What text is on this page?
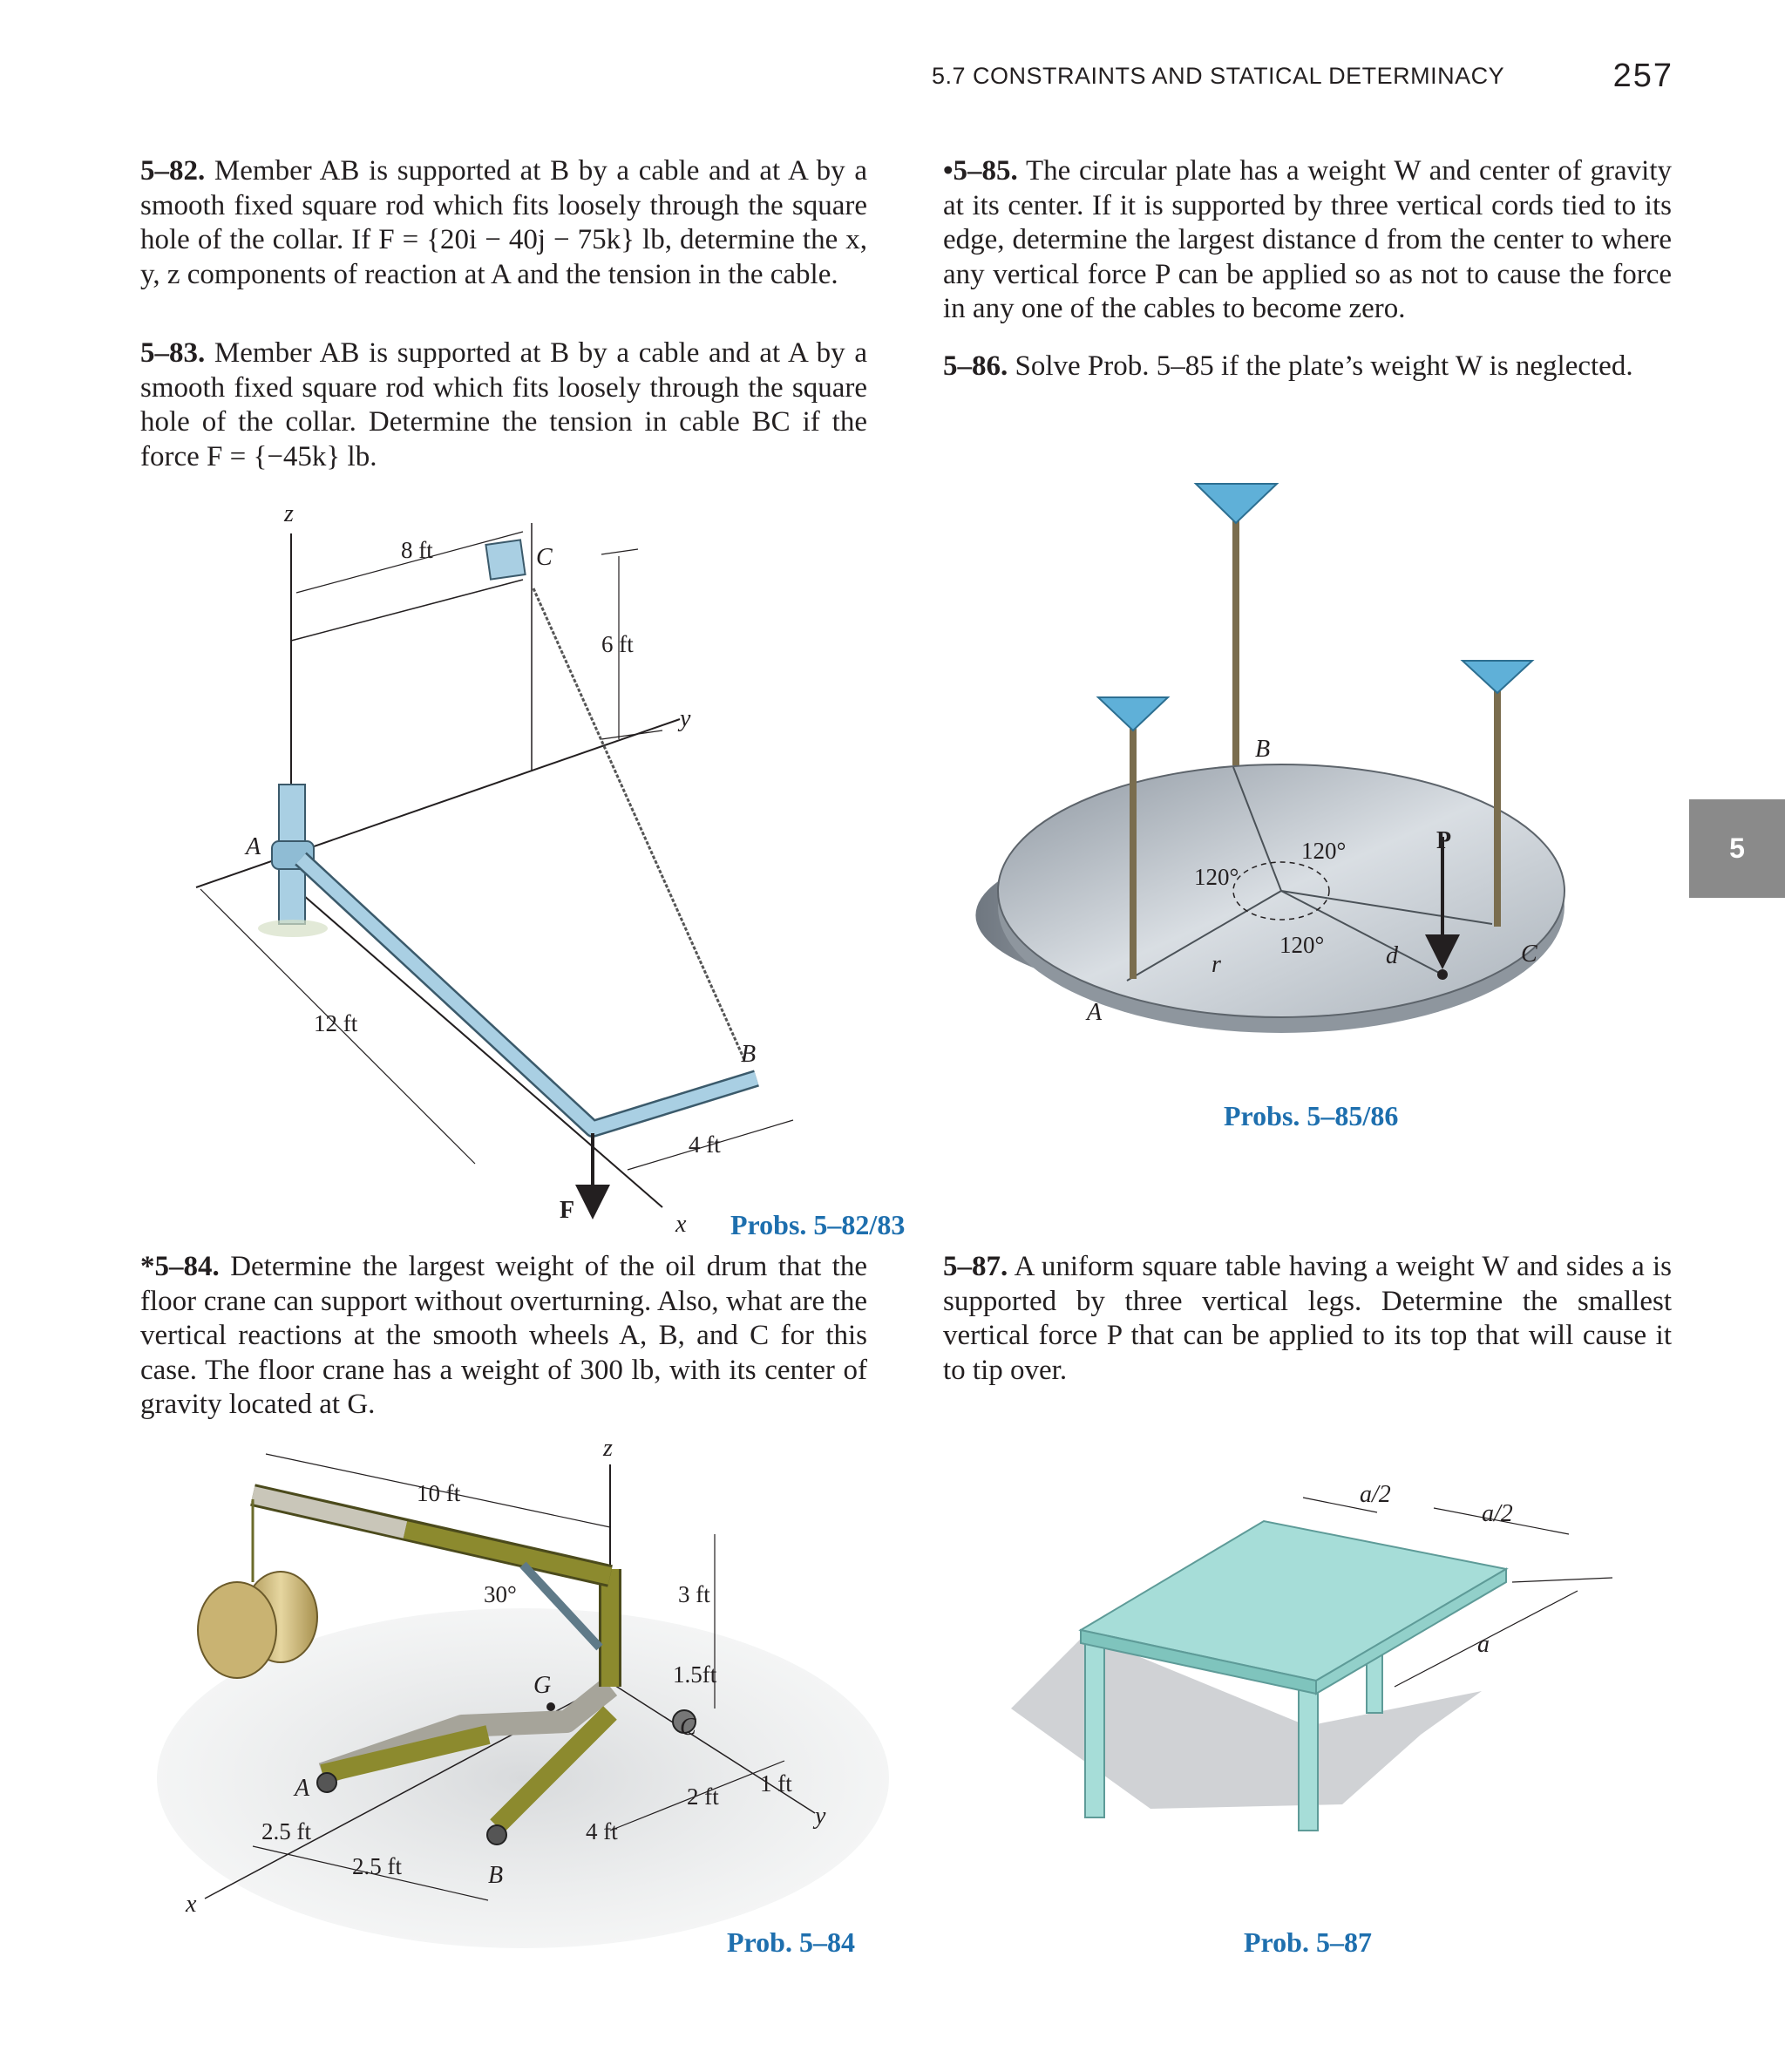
5.7 CONSTRAINTS AND STATICAL DETERMINACY	257
5
5–82. Member AB is supported at B by a cable and at A by a smooth fixed square rod which fits loosely through the square hole of the collar. If F = {20i − 40j − 75k} lb, determine the x, y, z components of reaction at A and the tension in the cable.
5–83. Member AB is supported at B by a cable and at A by a smooth fixed square rod which fits loosely through the square hole of the collar. Determine the tension in cable BC if the force F = {−45k} lb.
•5–85. The circular plate has a weight W and center of gravity at its center. If it is supported by three vertical cords tied to its edge, determine the largest distance d from the center to where any vertical force P can be applied so as not to cause the force in any one of the cables to become zero.
5–86. Solve Prob. 5–85 if the plate’s weight W is neglected.
*5–84. Determine the largest weight of the oil drum that the floor crane can support without overturning. Also, what are the vertical reactions at the smooth wheels A, B, and C for this case. The floor crane has a weight of 300 lb, with its center of gravity located at G.
5–87. A uniform square table having a weight W and sides a is supported by three vertical legs. Determine the smallest vertical force P that can be applied to its top that will cause it to tip over.
Probs. 5–82/83
Probs. 5–85/86
Prob. 5–84	Prob. 5–87
z
y
x
8 ft
6 ft
C
A
B
12 ft
4 ft
F
120°
120°
120°
r	d
B
A
C
P
z
x
y
A
B
C
30°
G
10 ft
3 ft
1.5ft
2 ft 1 ft
4 ft
2.5 ft
2.5 ft
a/2
a/2
a
